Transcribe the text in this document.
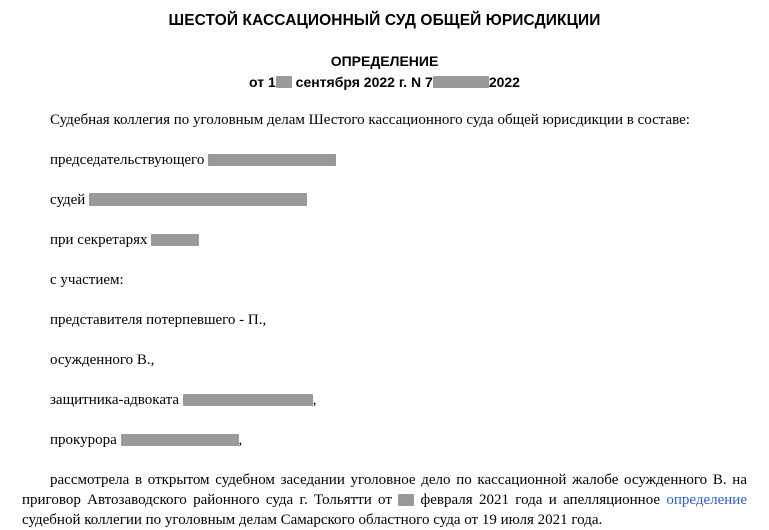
ШЕСТОЙ КАССАЦИОННЫЙ СУД ОБЩЕЙ ЮРИСДИКЦИИ
ОПРЕДЕЛЕНИЕ
от 1 сентября 2022 г. N 7	2022

Судебная коллегия по уголовным делам Шестого кассационного суда общей юрисдикции в составе:

председательствующего

судей

при секретарях

с участием:

представителя потерпевшего - П.,

осужденного В.,

защитника-адвоката	,

прокурора	,

рассмотрела в открытом судебном заседании уголовное дело по кассационной жалобе осужденного В. на приговор Автозаводского районного суда г. Тольятти от  февраля 2021 года и апелляционное определение судебной коллегии по уголовным делам Самарского областного суда от 19 июля 2021 года.
